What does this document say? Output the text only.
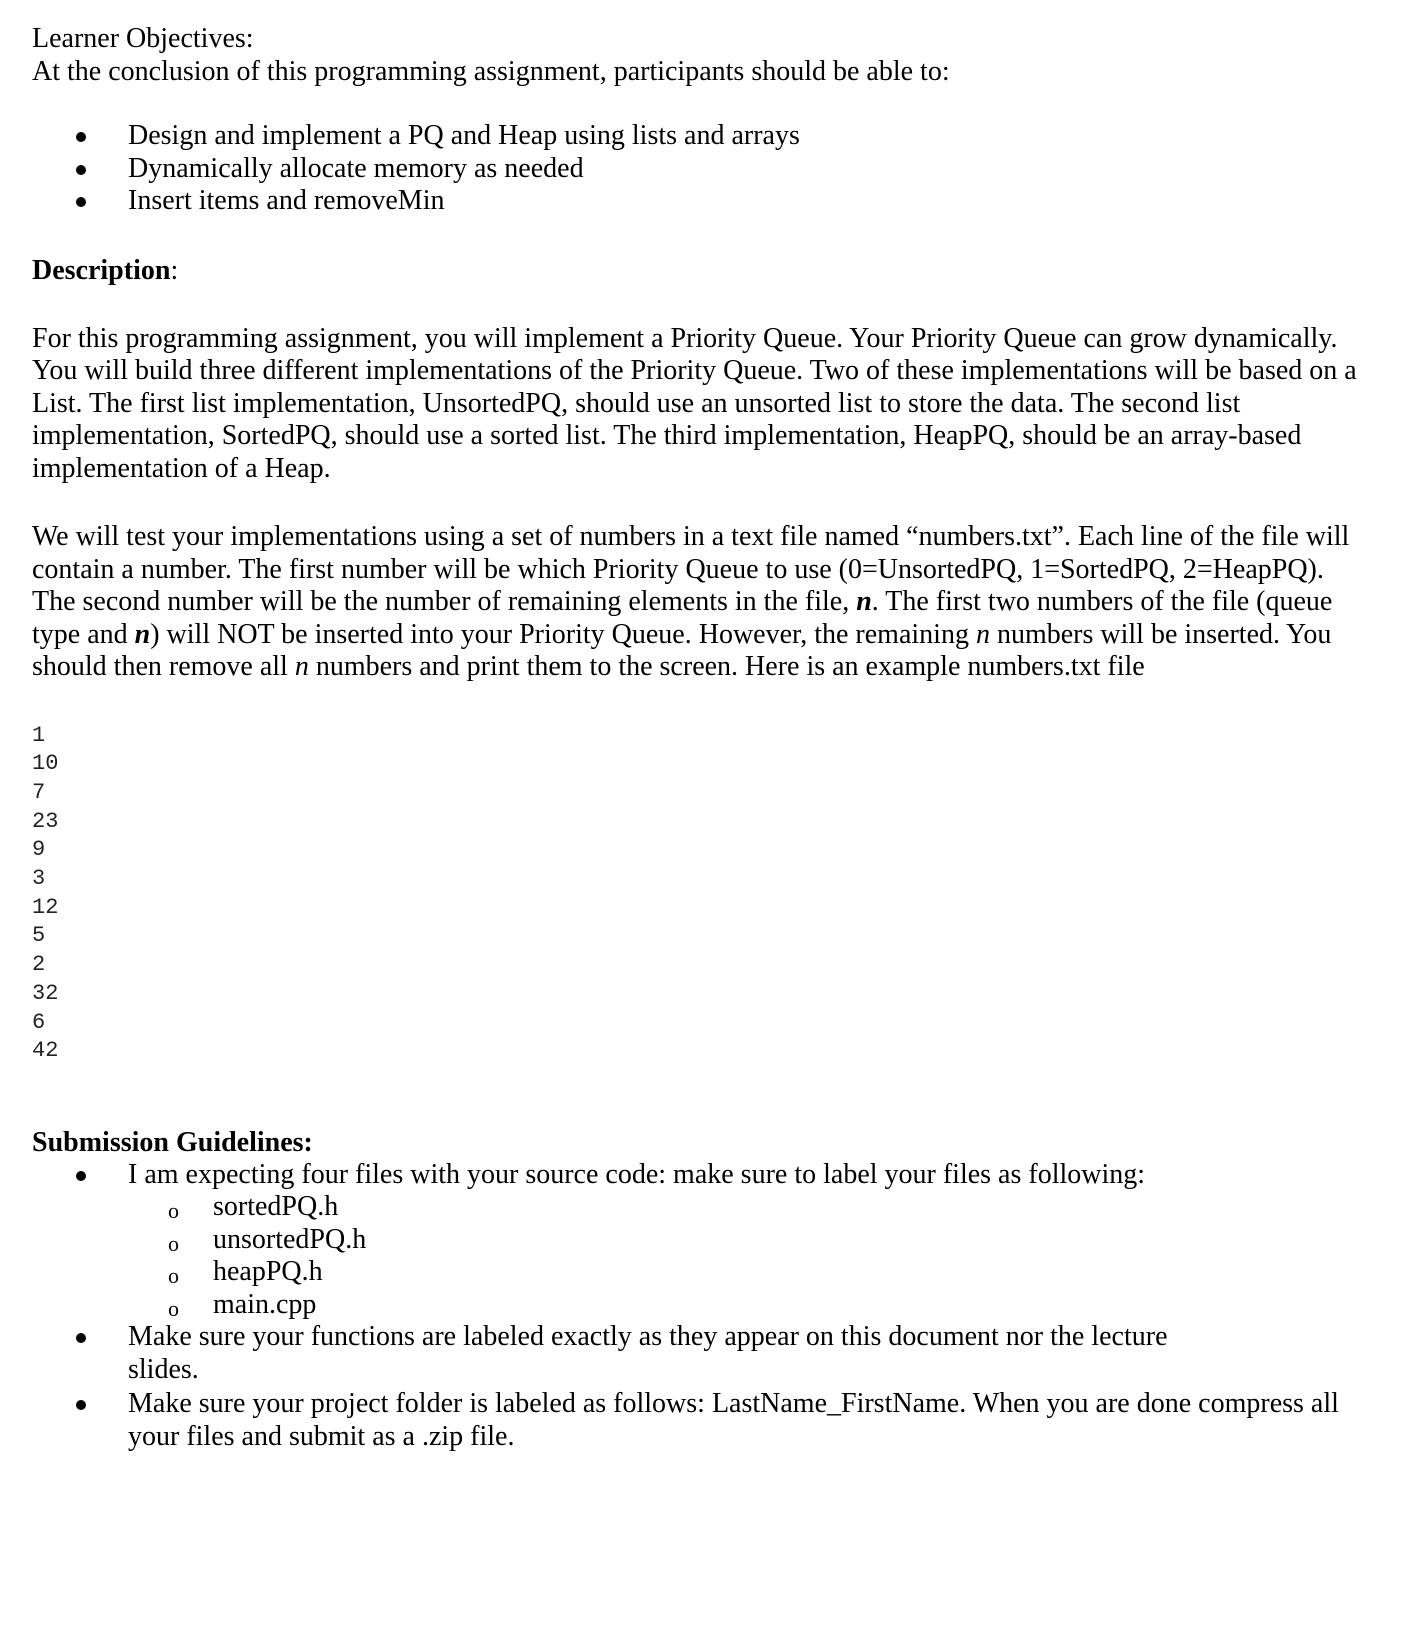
Learner Objectives:

At the conclusion of this programming assignment, participants should be able to:

Design and implement a PQ and Heap using lists and arrays
Dynamically allocate memory as needed
Insert items and removeMin

Description:

For this programming assignment, you will implement a Priority Queue. Your Priority Queue can grow dynamically. You will build three different implementations of the Priority Queue. Two of these implementations will be based on a List. The first list implementation, UnsortedPQ, should use an unsorted list to store the data. The second list implementation, SortedPQ, should use a sorted list. The third implementation, HeapPQ, should be an array-based implementation of a Heap.

We will test your implementations using a set of numbers in a text file named “numbers.txt”. Each line of the file will contain a number. The first number will be which Priority Queue to use (0=UnsortedPQ, 1=SortedPQ, 2=HeapPQ). The second number will be the number of remaining elements in the file, n. The first two numbers of the file (queue type and n) will NOT be inserted into your Priority Queue. However, the remaining n numbers will be inserted. You should then remove all n numbers and print them to the screen. Here is an example numbers.txt file

1
10
7
23
9
3
12
5
2
32
6
42

Submission Guidelines:

I am expecting four files with your source code: make sure to label your files as following:
o sortedPQ.h
o unsortedPQ.h
o heapPQ.h
o main.cpp
Make sure your functions are labeled exactly as they appear on this document nor the lecture slides.
Make sure your project folder is labeled as follows: LastName_FirstName. When you are done compress all your files and submit as a .zip file.
